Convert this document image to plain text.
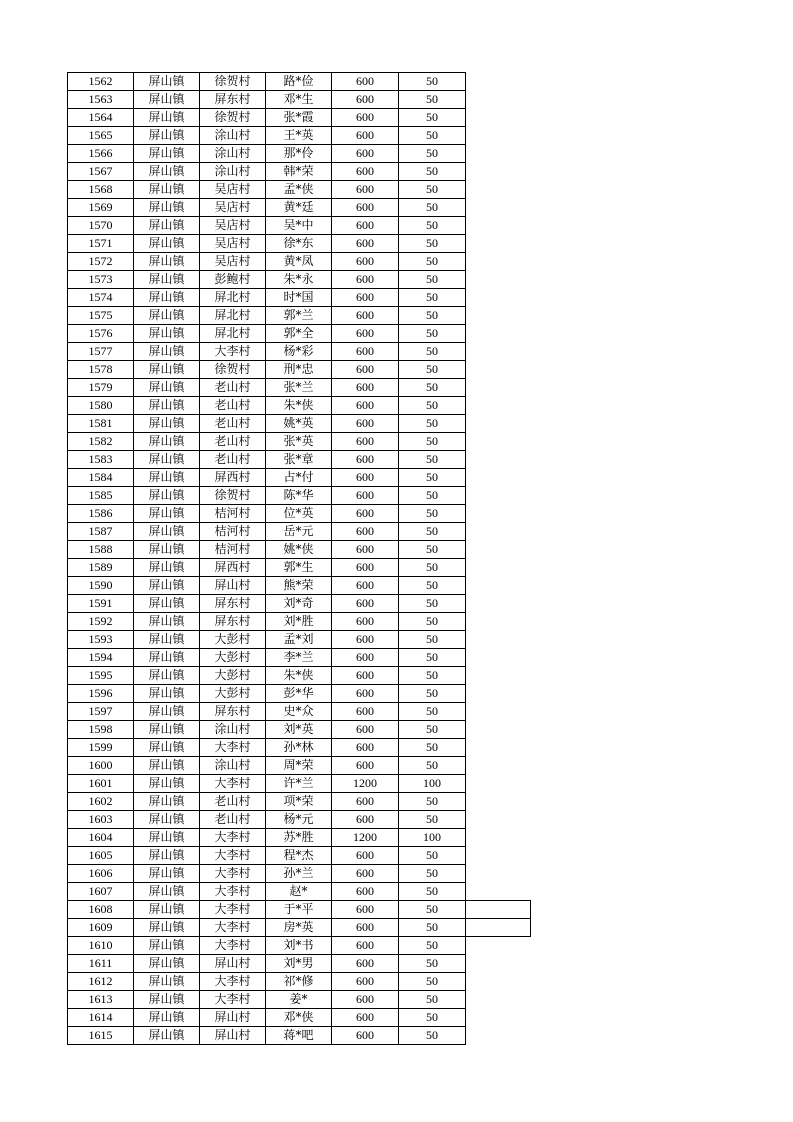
1562	屏山镇	徐贺村	路*俭	600	50	
1563	屏山镇	屏东村	邓*生	600	50	
1564	屏山镇	徐贺村	张*霞	600	50	
1565	屏山镇	涂山村	王*英	600	50	
1566	屏山镇	涂山村	那*伶	600	50	
1567	屏山镇	涂山村	韩*荣	600	50	
1568	屏山镇	吴店村	孟*侠	600	50	
1569	屏山镇	吴店村	黄*廷	600	50	
1570	屏山镇	吴店村	吴*中	600	50	
1571	屏山镇	吴店村	徐*东	600	50	
1572	屏山镇	吴店村	黄*凤	600	50	
1573	屏山镇	彭鲍村	朱*永	600	50	
1574	屏山镇	屏北村	时*国	600	50	
1575	屏山镇	屏北村	郭*兰	600	50	
1576	屏山镇	屏北村	郭*全	600	50	
1577	屏山镇	大李村	杨*彩	600	50	
1578	屏山镇	徐贺村	刑*忠	600	50	
1579	屏山镇	老山村	张*兰	600	50	
1580	屏山镇	老山村	朱*侠	600	50	
1581	屏山镇	老山村	姚*英	600	50	
1582	屏山镇	老山村	张*英	600	50	
1583	屏山镇	老山村	张*章	600	50	
1584	屏山镇	屏西村	占*付	600	50	
1585	屏山镇	徐贺村	陈*华	600	50	
1586	屏山镇	桔河村	位*英	600	50	
1587	屏山镇	桔河村	岳*元	600	50	
1588	屏山镇	桔河村	姚*侠	600	50	
1589	屏山镇	屏西村	郭*生	600	50	
1590	屏山镇	屏山村	熊*荣	600	50	
1591	屏山镇	屏东村	刘*奇	600	50	
1592	屏山镇	屏东村	刘*胜	600	50	
1593	屏山镇	大彭村	孟*刘	600	50	
1594	屏山镇	大彭村	李*兰	600	50	
1595	屏山镇	大彭村	朱*侠	600	50	
1596	屏山镇	大彭村	彭*华	600	50	
1597	屏山镇	屏东村	史*众	600	50	
1598	屏山镇	涂山村	刘*英	600	50	
1599	屏山镇	大李村	孙*林	600	50	
1600	屏山镇	涂山村	周*荣	600	50	
1601	屏山镇	大李村	许*兰	1200	100	
1602	屏山镇	老山村	项*荣	600	50	
1603	屏山镇	老山村	杨*元	600	50	
1604	屏山镇	大李村	苏*胜	1200	100	
1605	屏山镇	大李村	程*杰	600	50	
1606	屏山镇	大李村	孙*兰	600	50	
1607	屏山镇	大李村	赵*	600	50	
1608	屏山镇	大李村	于*平	600	50	
1609	屏山镇	大李村	房*英	600	50	
1610	屏山镇	大李村	刘*书	600	50	
1611	屏山镇	屏山村	刘*男	600	50	
1612	屏山镇	大李村	祁*修	600	50	
1613	屏山镇	大李村	姜*	600	50	
1614	屏山镇	屏山村	邓*侠	600	50	
1615	屏山镇	屏山村	蒋*吧	600	50	
